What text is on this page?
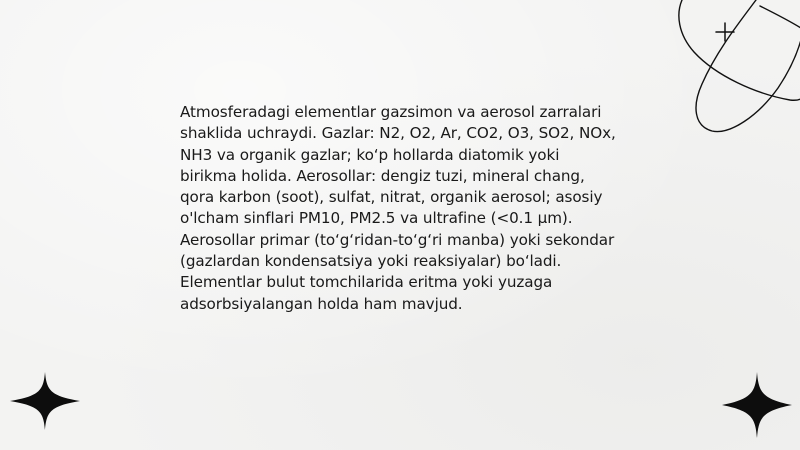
Atmosferadagi elementlar gazsimon va aerosol zarralari shaklida uchraydi. Gazlar: N2, O2, Ar, CO2, O3, SO2, NOx, NH3 va organik gazlar; ko‘p hollarda diatomik yoki birikma holida. Aerosollar: dengiz tuzi, mineral chang, qora karbon (soot), sulfat, nitrat, organik aerosol; asosiy o'lcham sinflari PM10, PM2.5 va ultrafine (<0.1 µm). Aerosollar primar (to‘g‘ridan-to‘g‘ri manba) yoki sekondar (gazlardan kondensatsiya yoki reaksiyalar) bo‘ladi. Elementlar bulut tomchilarida eritma yoki yuzaga adsorbsiyalangan holda ham mavjud.
